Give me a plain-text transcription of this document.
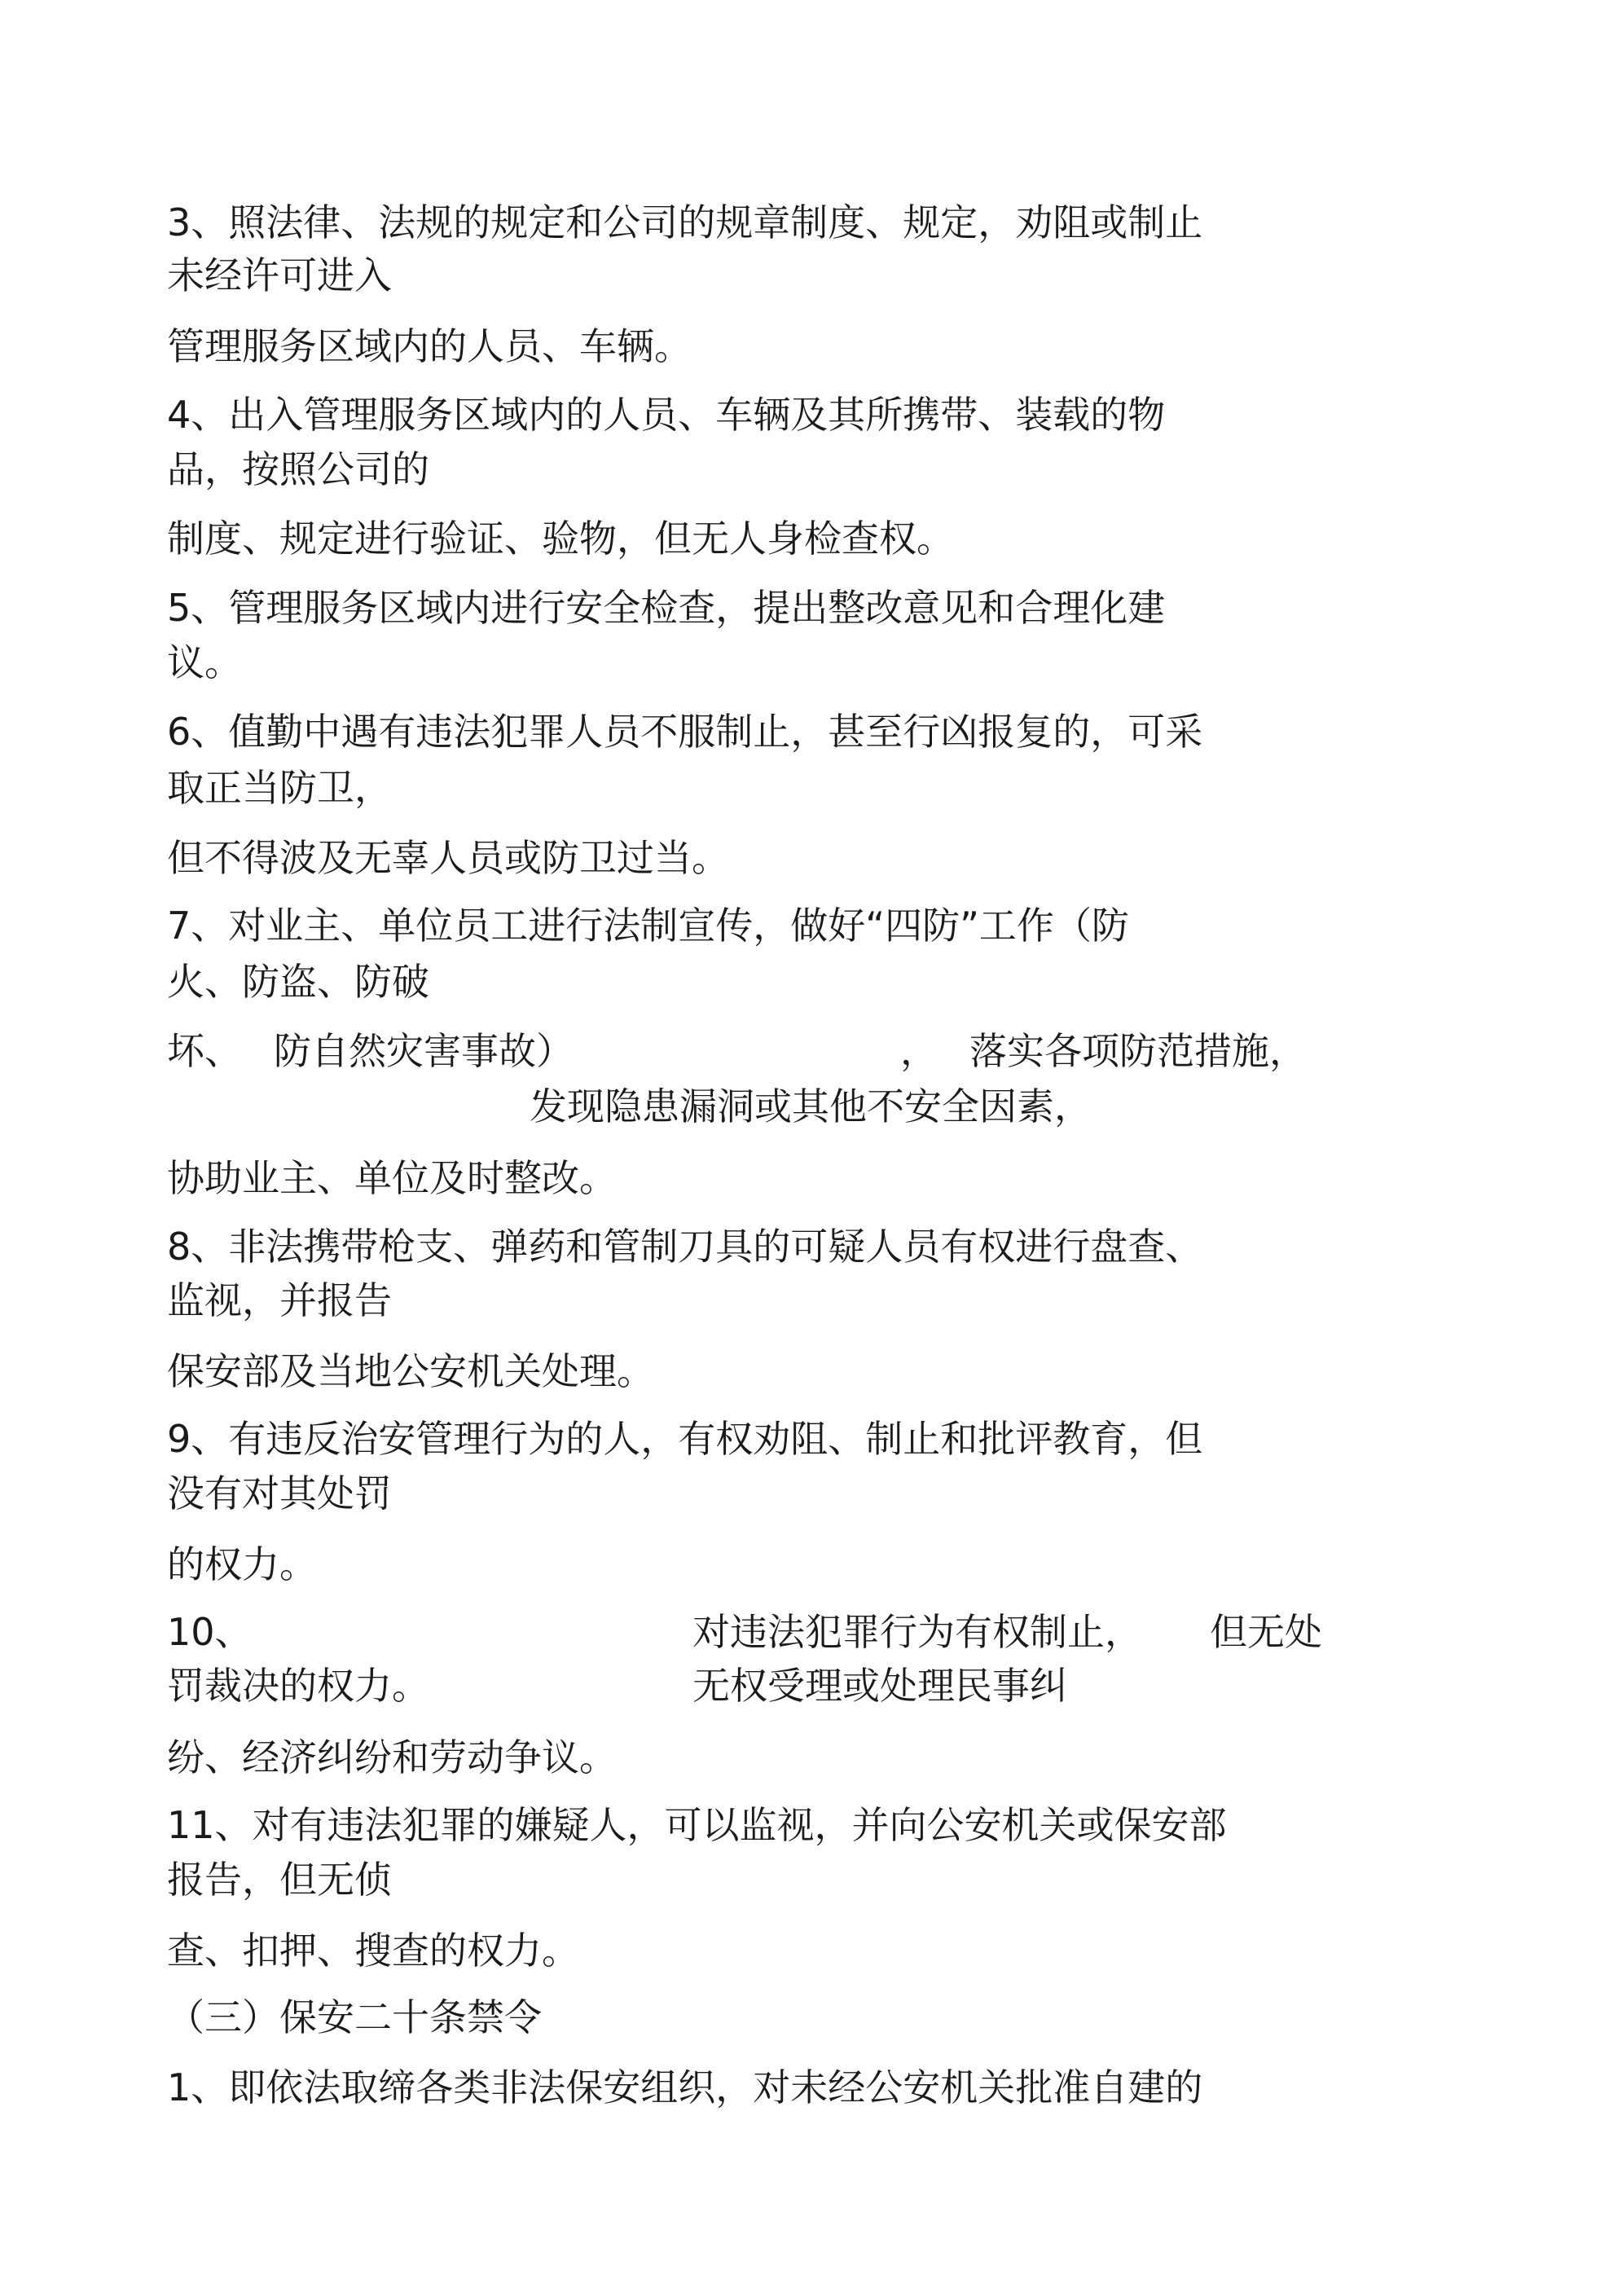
3、照法律、法规的规定和公司的规章制度、规定，劝阻或制止
未经许可进入
管理服务区域内的人员、车辆。
4、出入管理服务区域内的人员、车辆及其所携带、装载的物
品，按照公司的
制度、规定进行验证、验物，但无人身检查权。
5、管理服务区域内进行安全检查，提出整改意见和合理化建
议。
6、值勤中遇有违法犯罪人员不服制止，甚至行凶报复的，可采
取正当防卫，
但不得波及无辜人员或防卫过当。
7、对业主、单位员工进行法制宣传，做好“四防”工作（防
火、防盗、防破
坏、 防自然灾害事故）	， 落实各项防范措施，
发现隐患漏洞或其他不安全因素，
协助业主、单位及时整改。
8、非法携带枪支、弹药和管制刀具的可疑人员有权进行盘查、
监视，并报告
保安部及当地公安机关处理。
9、有违反治安管理行为的人，有权劝阻、制止和批评教育，但
没有对其处罚
的权力。
10、	对违法犯罪行为有权制止， 但无处
罚裁决的权力。	无权受理或处理民事纠
纷、经济纠纷和劳动争议。
11、对有违法犯罪的嫌疑人，可以监视，并向公安机关或保安部
报告，但无侦
查、扣押、搜查的权力。
（三）保安二十条禁令
1、即依法取缔各类非法保安组织，对未经公安机关批准自建的
